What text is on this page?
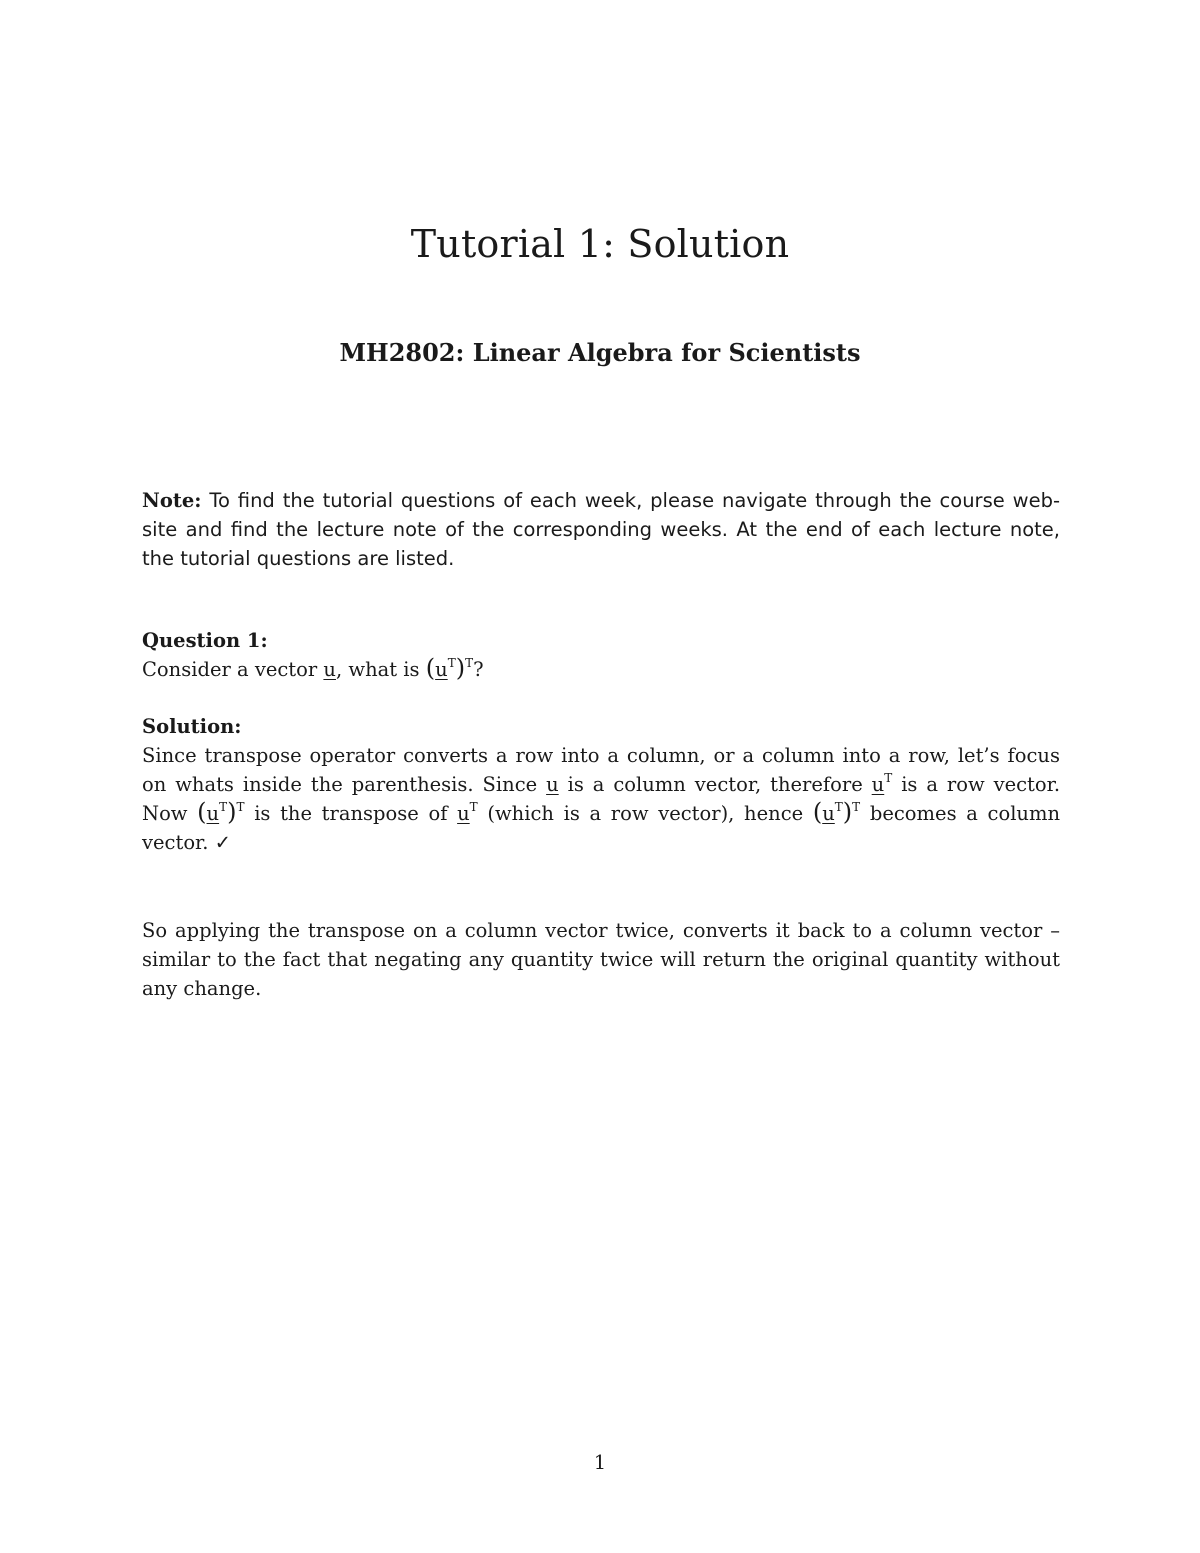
Tutorial 1: Solution
MH2802: Linear Algebra for Scientists

Note: To find the tutorial questions of each week, please navigate through the course web-site and find the lecture note of the corresponding weeks. At the end of each lecture note, the tutorial questions are listed.

Question 1:

Consider a vector u, what is $(u^T)^T$?

Solution:

Since transpose operator converts a row into a column, or a column into a row, let’s focus on whats inside the parenthesis. Since u is a column vector, therefore $u^T$ is a row vector. Now $(u^T)^T$ is the transpose of $u^T$ (which is a row vector), hence $(u^T)^T$ becomes a column vector. ✓

So applying the transpose on a column vector twice, converts it back to a column vector – similar to the fact that negating any quantity twice will return the original quantity without any change.

1
